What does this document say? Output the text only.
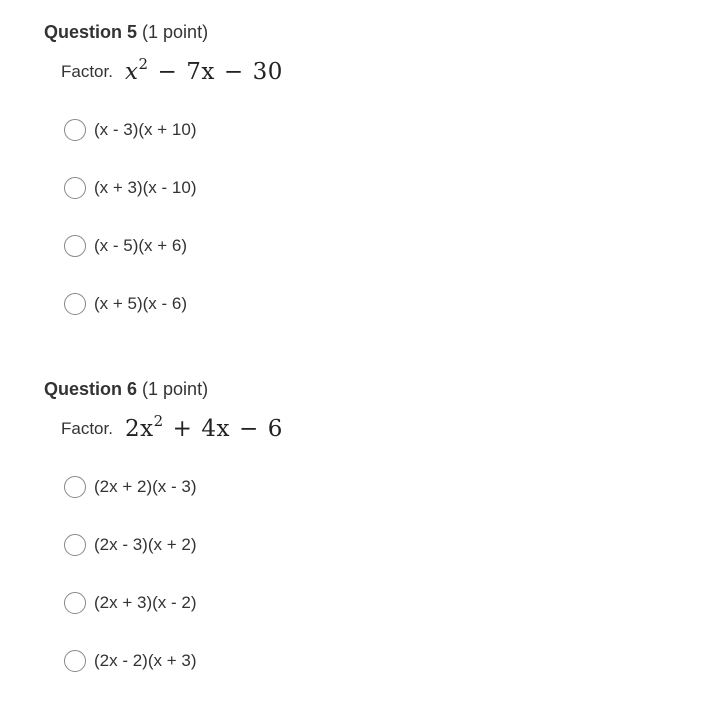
Question 5 (1 point)
Factor. $x^2 - 7x - 30$
(x - 3)(x + 10)
(x + 3)(x - 10)
(x - 5)(x + 6)
(x + 5)(x - 6)
Question 6 (1 point)
Factor. $2x^2 + 4x - 6$
(2x + 2)(x - 3)
(2x - 3)(x + 2)
(2x + 3)(x - 2)
(2x - 2)(x + 3)
